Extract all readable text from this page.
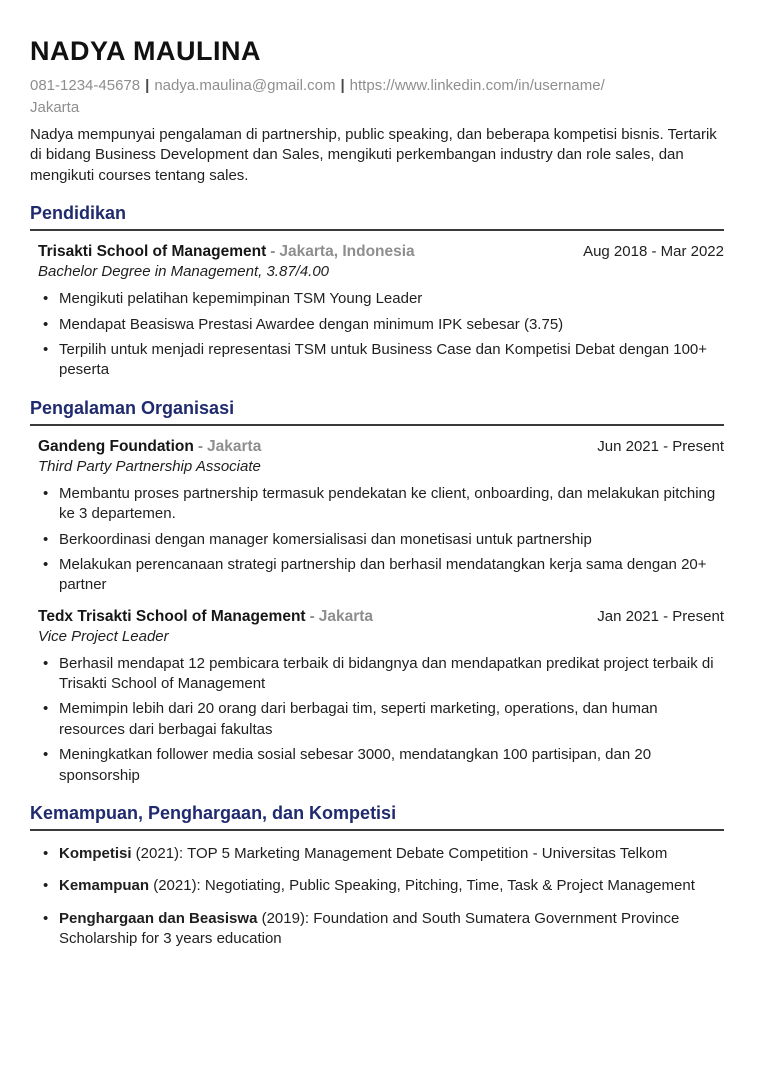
NADYA MAULINA
081-1234-45678 | nadya.maulina@gmail.com | https://www.linkedin.com/in/username/
Jakarta
Nadya mempunyai pengalaman di partnership, public speaking, dan beberapa kompetisi bisnis. Tertarik di bidang Business Development dan Sales, mengikuti perkembangan industry dan role sales, dan mengikuti courses tentang sales.
Pendidikan
Trisakti School of Management - Jakarta, Indonesia	Aug 2018 - Mar 2022
Bachelor Degree in Management, 3.87/4.00
• Mengikuti pelatihan kepemimpinan TSM Young Leader
• Mendapat Beasiswa Prestasi Awardee dengan minimum IPK sebesar (3.75)
• Terpilih untuk menjadi representasi TSM untuk Business Case dan Kompetisi Debat dengan 100+ peserta
Pengalaman Organisasi
Gandeng Foundation - Jakarta	Jun 2021 - Present
Third Party Partnership Associate
• Membantu proses partnership termasuk pendekatan ke client, onboarding, dan melakukan pitching ke 3 departemen.
• Berkoordinasi dengan manager komersialisasi dan monetisasi untuk partnership
• Melakukan perencanaan strategi partnership dan berhasil mendatangkan kerja sama dengan 20+ partner
Tedx Trisakti School of Management - Jakarta	Jan 2021 - Present
Vice Project Leader
• Berhasil mendapat 12 pembicara terbaik di bidangnya dan mendapatkan predikat project terbaik di Trisakti School of Management
• Memimpin lebih dari 20 orang dari berbagai tim, seperti marketing, operations, dan human resources dari berbagai fakultas
• Meningkatkan follower media sosial sebesar 3000, mendatangkan 100 partisipan, dan 20 sponsorship
Kemampuan, Penghargaan, dan Kompetisi
• Kompetisi (2021): TOP 5 Marketing Management Debate Competition - Universitas Telkom
• Kemampuan (2021): Negotiating, Public Speaking, Pitching, Time, Task & Project Management
• Penghargaan dan Beasiswa (2019): Foundation and South Sumatera Government Province Scholarship for 3 years education
